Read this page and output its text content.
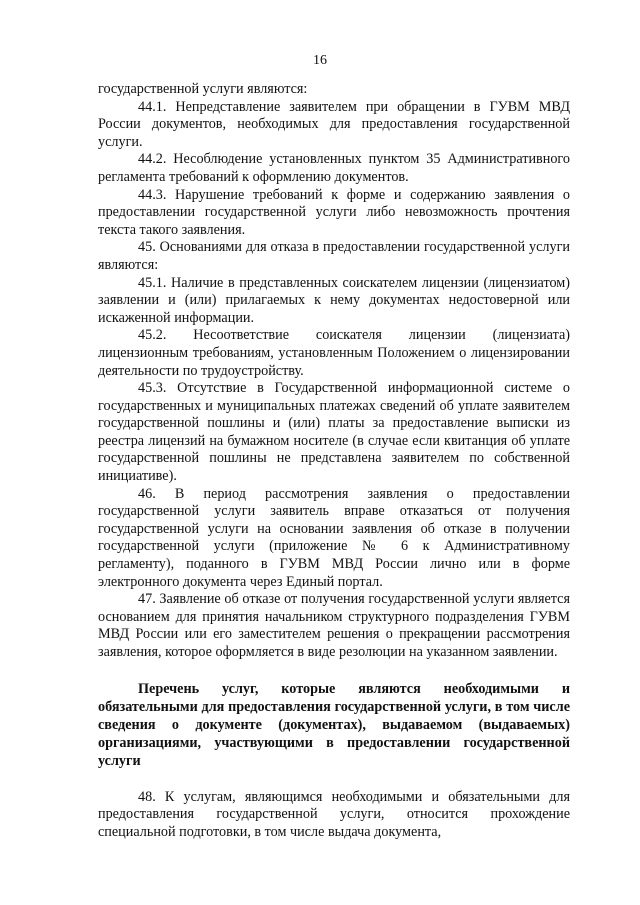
16

государственной услуги являются:

44.1. Непредставление заявителем при обращении в ГУВМ МВД России документов, необходимых для предоставления государственной услуги.

44.2. Несоблюдение установленных пунктом 35 Административного регламента требований к оформлению документов.

44.3. Нарушение требований к форме и содержанию заявления о предоставлении государственной услуги либо невозможность прочтения текста такого заявления.

45. Основаниями для отказа в предоставлении государственной услуги являются:

45.1. Наличие в представленных соискателем лицензии (лицензиатом) заявлении и (или) прилагаемых к нему документах недостоверной или искаженной информации.

45.2. Несоответствие соискателя лицензии (лицензиата) лицензионным требованиям, установленным Положением о лицензировании деятельности по трудоустройству.

45.3. Отсутствие в Государственной информационной системе о государственных и муниципальных платежах сведений об уплате заявителем государственной пошлины и (или) платы за предоставление выписки из реестра лицензий на бумажном носителе (в случае если квитанция об уплате государственной пошлины не представлена заявителем по собственной инициативе).

46. В период рассмотрения заявления о предоставлении государственной услуги заявитель вправе отказаться от получения государственной услуги на основании заявления об отказе в получении государственной услуги (приложение № 6 к Административному регламенту), поданного в ГУВМ МВД России лично или в форме электронного документа через Единый портал.

47. Заявление об отказе от получения государственной услуги является основанием для принятия начальником структурного подразделения ГУВМ МВД России или его заместителем решения о прекращении рассмотрения заявления, которое оформляется в виде резолюции на указанном заявлении.

Перечень услуг, которые являются необходимыми и обязательными для предоставления государственной услуги, в том числе сведения о документе (документах), выдаваемом (выдаваемых) организациями, участвующими в предоставлении государственной услуги

48. К услугам, являющимся необходимыми и обязательными для предоставления государственной услуги, относится прохождение специальной подготовки, в том числе выдача документа,
